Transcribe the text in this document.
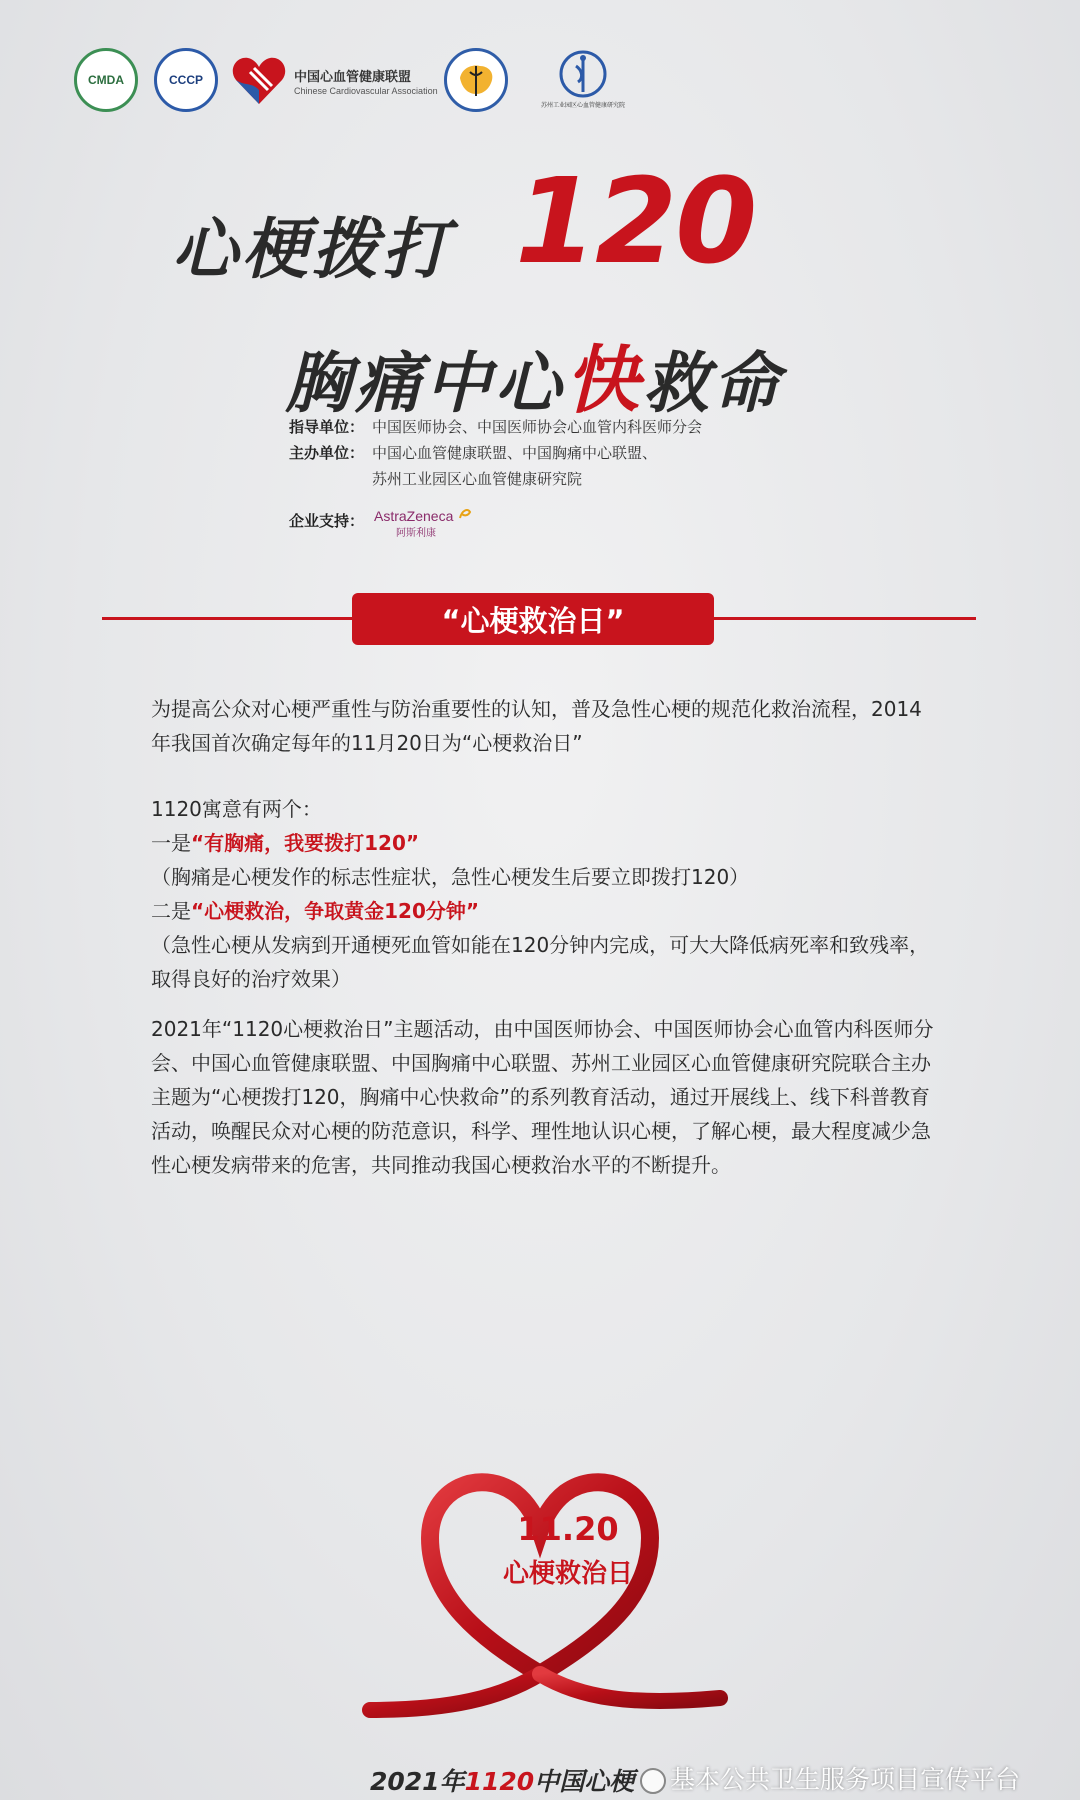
CMDA	CCCP	中国心血管健康联盟
Chinese Cardiovascular Association
苏州工业园区心血管健康研究院
心梗拨打 120
胸痛中心快救命
指导单位： 中国医师协会、中国医师协会心血管内科医师分会
主办单位： 中国心血管健康联盟、中国胸痛中心联盟、
苏州工业园区心血管健康研究院
企业支持： AstraZeneca
阿斯利康
“心梗救治日”
为提高公众对心梗严重性与防治重要性的认知，普及急性心梗的规范化救治流程，2014年我国首次确定每年的11月20日为“心梗救治日”
1120寓意有两个：
一是“有胸痛，我要拨打120”
（胸痛是心梗发作的标志性症状，急性心梗发生后要立即拨打120）
二是“心梗救治，争取黄金120分钟”
（急性心梗从发病到开通梗死血管如能在120分钟内完成，可大大降低病死率和致残率，取得良好的治疗效果）
2021年“1120心梗救治日”主题活动，由中国医师协会、中国医师协会心血管内科医师分会、中国心血管健康联盟、中国胸痛中心联盟、苏州工业园区心血管健康研究院联合主办主题为“心梗拨打120，胸痛中心快救命”的系列教育活动，通过开展线上、线下科普教育活动，唤醒民众对心梗的防范意识，科学、理性地认识心梗，了解心梗，最大程度减少急性心梗发病带来的危害，共同推动我国心梗救治水平的不断提升。
11.20
心梗救治日
2021年1120中国心梗	基本公共卫生服务项目宣传平台
